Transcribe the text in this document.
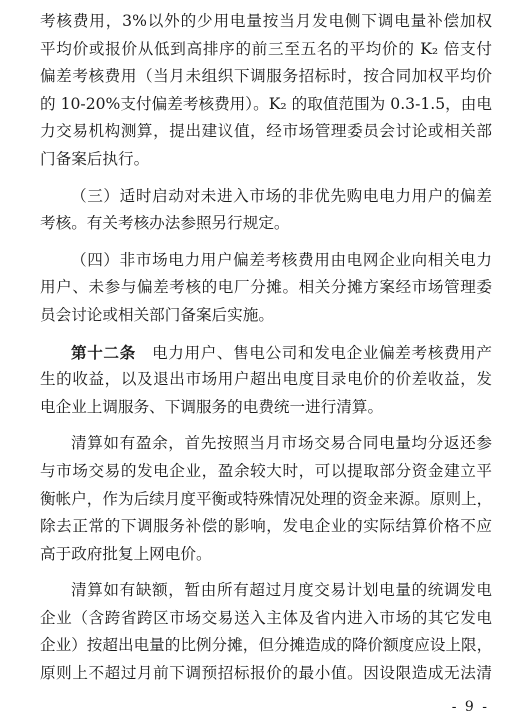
考核费用，3%以外的少用电量按当月发电侧下调电量补偿加权
平均价或报价从低到高排序的前三至五名的平均价的 K₂ 倍支付
偏差考核费用（当月未组织下调服务招标时，按合同加权平均价
的 10-20%支付偏差考核费用）。K₂ 的取值范围为 0.3-1.5，由电
力交易机构测算，提出建议值，经市场管理委员会讨论或相关部
门备案后执行。
（三）适时启动对未进入市场的非优先购电电力用户的偏差
考核。有关考核办法参照另行规定。
（四）非市场电力用户偏差考核费用由电网企业向相关电力
用户、未参与偏差考核的电厂分摊。相关分摊方案经市场管理委
员会讨论或相关部门备案后实施。
第十二条　 电力用户、售电公司和发电企业偏差考核费用产
生的收益，以及退出市场用户超出电度目录电价的价差收益，发
电企业上调服务、下调服务的电费统一进行清算。
清算如有盈余，首先按照当月市场交易合同电量均分返还参
与市场交易的发电企业，盈余较大时，可以提取部分资金建立平
衡帐户，作为后续月度平衡或特殊情况处理的资金来源。原则上，
除去正常的下调服务补偿的影响，发电企业的实际结算价格不应
高于政府批复上网电价。
清算如有缺额，暂由所有超过月度交易计划电量的统调发电
企业（含跨省跨区市场交易送入主体及省内进入市场的其它发电
企业）按超出电量的比例分摊，但分摊造成的降价额度应设上限，
原则上不超过月前下调预招标报价的最小值。因设限造成无法清
- 9 -
